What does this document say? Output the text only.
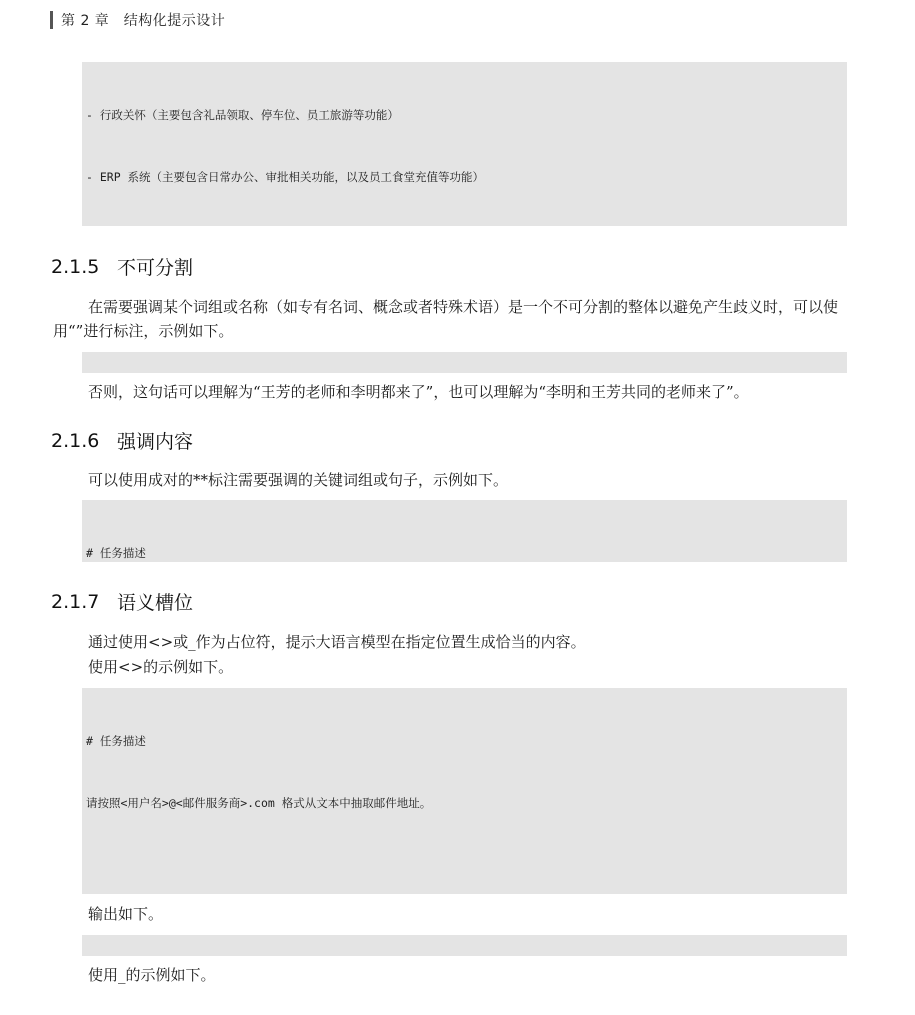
第 2 章　结构化提示设计

- 行政关怀（主要包含礼品领取、停车位、员工旅游等功能）

- ERP 系统（主要包含日常办公、审批相关功能，以及员工食堂充值等功能）

2.1.5 不可分割
在需要强调某个词组或名称（如专有名词、概念或者特殊术语）是一个不可分割的整体以避免产生歧义时，可以使用“”进行标注，示例如下。

否则，这句话可以理解为“王芳的老师和李明都来了”，也可以理解为“李明和王芳共同的老师来了”。
2.1.6 强调内容
可以使用成对的**标注需要强调的关键词组或句子，示例如下。

# 任务描述

2.1.7 语义槽位
通过使用<>或_作为占位符，提示大语言模型在指定位置生成恰当的内容。
使用<>的示例如下。

# 任务描述

请按照<用户名>@<邮件服务商>.com 格式从文本中抽取邮件地址。

输出如下。

使用_的示例如下。
